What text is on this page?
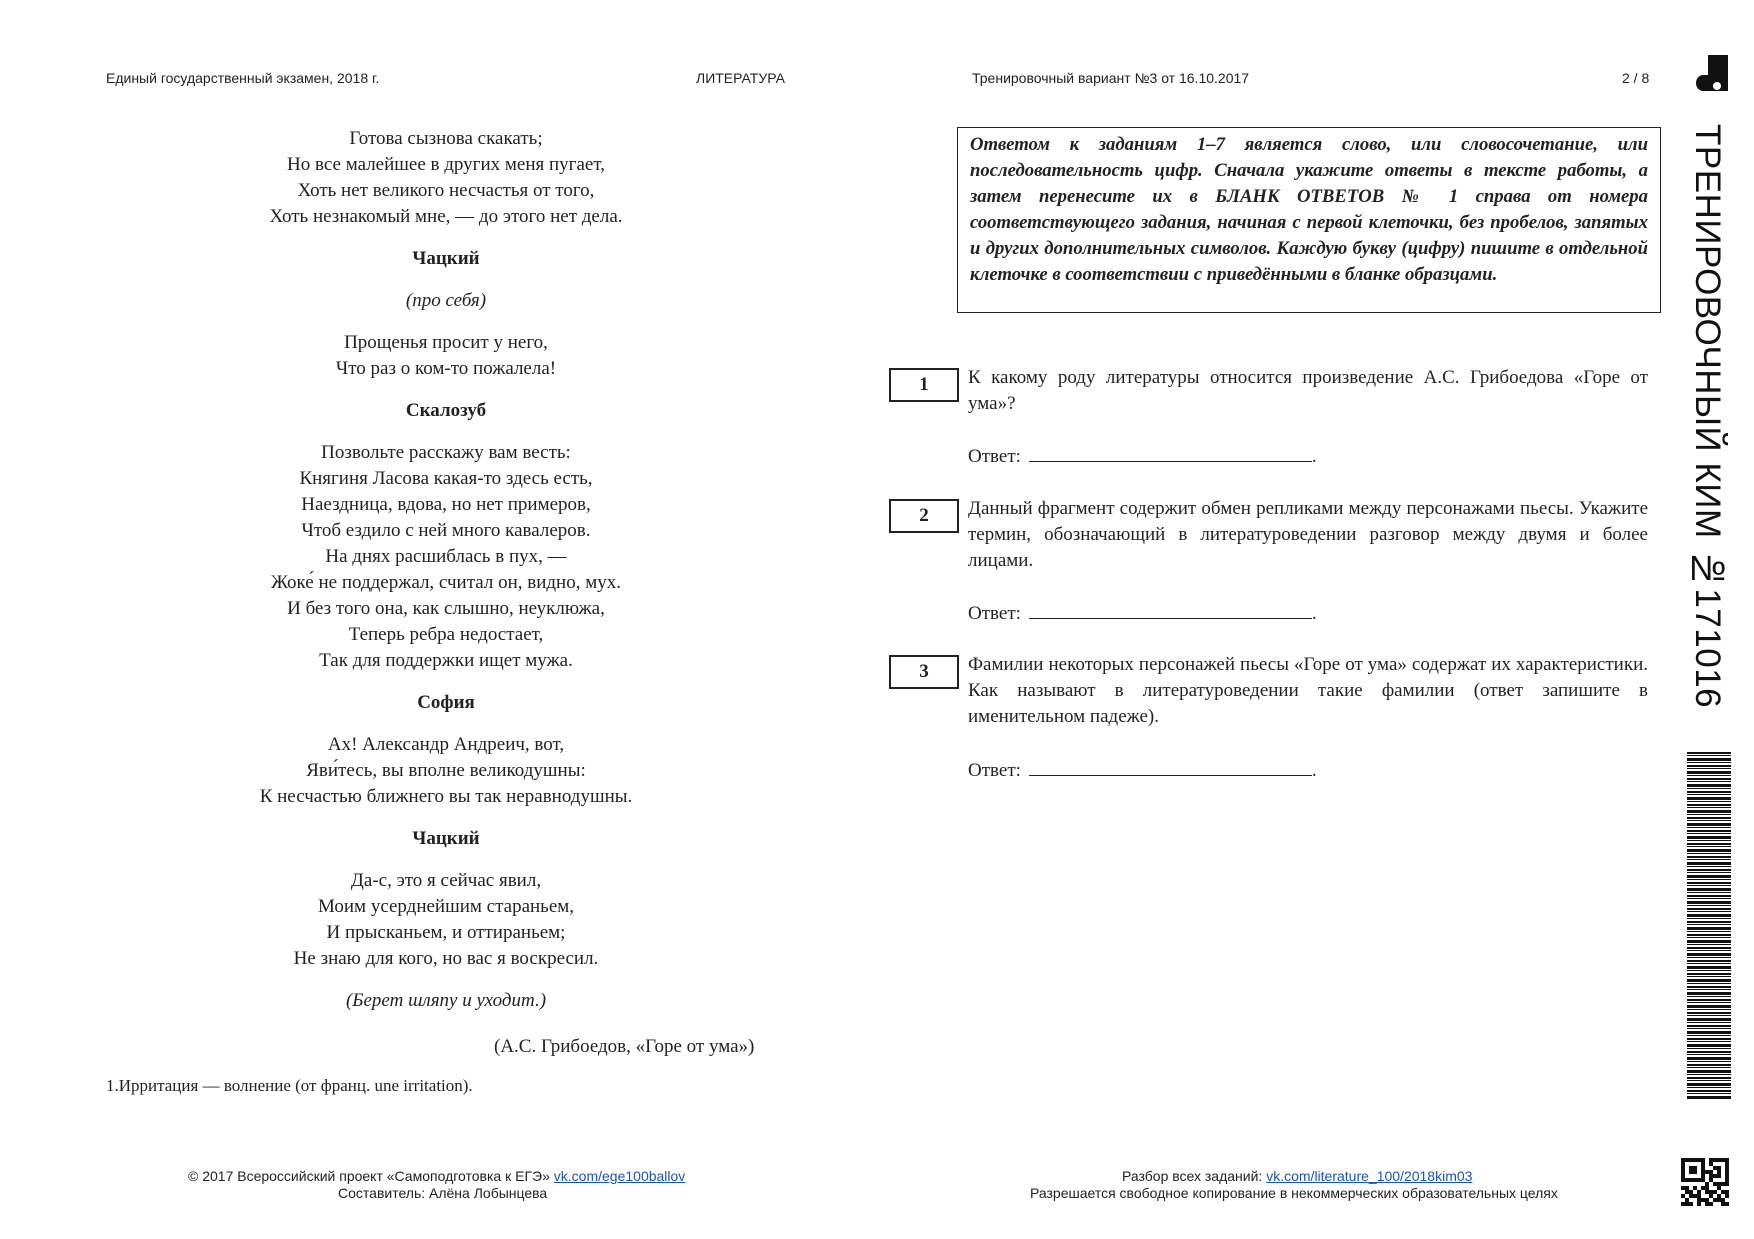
Единый государственный экзамен, 2018 г.	ЛИТЕРАТУРА	Тренировочный вариант №3 от 16.10.2017	2 / 8
ТРЕНИРОВОЧНЫЙ КИМ №171016
Готова сызнова скакать;
Но все малейшее в других меня пугает,
Хоть нет великого несчастья от того,
Хоть незнакомый мне, — до этого нет дела.
Чацкий
(про себя)
Прощенья просит у него,
Что раз о ком-то пожалела!
Скалозуб
Позвольте расскажу вам весть:
Княгиня Ласова какая-то здесь есть,
Наездница, вдова, но нет примеров,
Чтоб ездило с ней много кавалеров.
На днях расшиблась в пух, —
Жоке́ не поддержал, считал он, видно, мух.
И без того она, как слышно, неуклюжа,
Теперь ребра недостает,
Так для поддержки ищет мужа.
София
Ах! Александр Андреич, вот,
Яви́тесь, вы вполне великодушны:
К несчастью ближнего вы так неравнодушны.
Чацкий
Да-с, это я сейчас явил,
Моим усерднейшим стараньем,
И прысканьем, и оттираньем;
Не знаю для кого, но вас я воскресил.
(Берет шляпу и уходит.)
(А.С. Грибоедов, «Горе от ума»)
1.Ирритация — волнение (от франц. une irritation).
Ответом к заданиям 1–7 является слово, или словосочетание, или последовательность цифр. Сначала укажите ответы в тексте работы, а затем перенесите их в БЛАНК ОТВЕТОВ № 1 справа от номера соответствующего задания, начиная с первой клеточки, без пробелов, запятых и других дополнительных символов. Каждую букву (цифру) пишите в отдельной клеточке в соответствии с приведёнными в бланке образцами.
1	К какому роду литературы относится произведение А.С. Грибоедова «Горе от ума»?
Ответ:	.
2	Данный фрагмент содержит обмен репликами между персонажами пьесы. Укажите термин, обозначающий в литературоведении разговор между двумя и более лицами.
Ответ:	.
3	Фамилии некоторых персонажей пьесы «Горе от ума» содержат их характеристики. Как называют в литературоведении такие фамилии (ответ запишите в именительном падеже).
Ответ:	.
© 2017 Всероссийский проект «Самоподготовка к ЕГЭ» vk.com/ege100ballov
Составитель: Алёна Лобынцева
Разбор всех заданий: vk.com/literature_100/2018kim03
Разрешается свободное копирование в некоммерческих образовательных целях
